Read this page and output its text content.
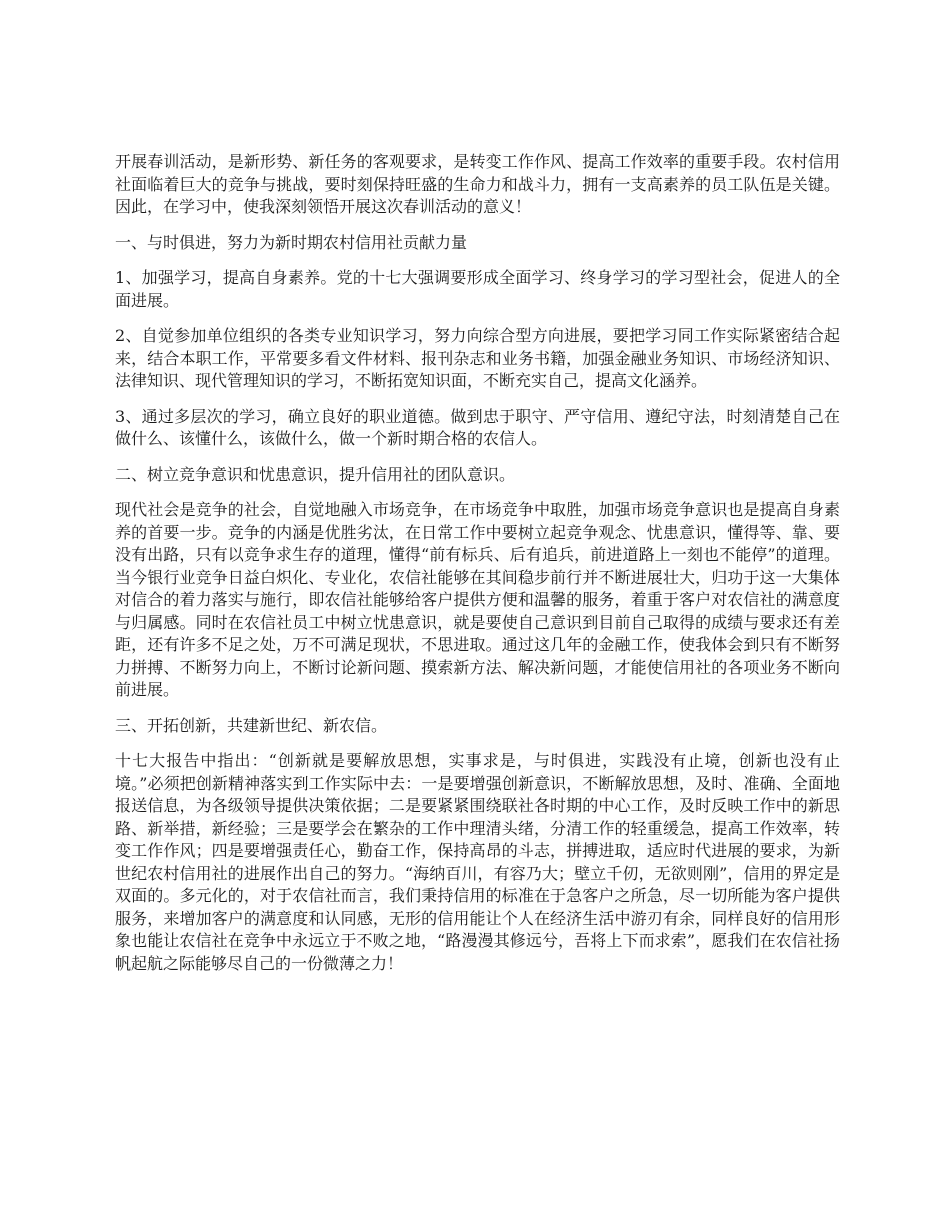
开展春训活动，是新形势、新任务的客观要求，是转变工作作风、提高工作效率的重要手段。农村信用社面临着巨大的竞争与挑战，要时刻保持旺盛的生命力和战斗力，拥有一支高素养的员工队伍是关键。因此，在学习中，使我深刻领悟开展这次春训活动的意义！

一、与时俱进，努力为新时期农村信用社贡献力量

1、加强学习，提高自身素养。党的十七大强调要形成全面学习、终身学习的学习型社会，促进人的全面进展。

2、自觉参加单位组织的各类专业知识学习，努力向综合型方向进展，要把学习同工作实际紧密结合起来，结合本职工作，平常要多看文件材料、报刊杂志和业务书籍，加强金融业务知识、市场经济知识、法律知识、现代管理知识的学习，不断拓宽知识面，不断充实自己，提高文化涵养。

3、通过多层次的学习，确立良好的职业道德。做到忠于职守、严守信用、遵纪守法，时刻清楚自己在做什么、该懂什么，该做什么，做一个新时期合格的农信人。

二、树立竞争意识和忧患意识，提升信用社的团队意识。

现代社会是竞争的社会，自觉地融入市场竞争，在市场竞争中取胜，加强市场竞争意识也是提高自身素养的首要一步。竞争的内涵是优胜劣汰，在日常工作中要树立起竞争观念、忧患意识，懂得等、靠、要没有出路，只有以竞争求生存的道理，懂得“前有标兵、后有追兵，前进道路上一刻也不能停”的道理。当今银行业竞争日益白炽化、专业化，农信社能够在其间稳步前行并不断进展壮大，归功于这一大集体对信合的着力落实与施行，即农信社能够给客户提供方便和温馨的服务，着重于客户对农信社的满意度与归属感。同时在农信社员工中树立忧患意识，就是要使自己意识到目前自己取得的成绩与要求还有差距，还有许多不足之处，万不可满足现状，不思进取。通过这几年的金融工作，使我体会到只有不断努力拼搏、不断努力向上，不断讨论新问题、摸索新方法、解决新问题，才能使信用社的各项业务不断向前进展。

三、开拓创新，共建新世纪、新农信。

十七大报告中指出：“创新就是要解放思想，实事求是，与时俱进，实践没有止境，创新也没有止境。”必须把创新精神落实到工作实际中去：一是要增强创新意识，不断解放思想，及时、准确、全面地报送信息，为各级领导提供决策依据；二是要紧紧围绕联社各时期的中心工作，及时反映工作中的新思路、新举措，新经验；三是要学会在繁杂的工作中理清头绪，分清工作的轻重缓急，提高工作效率，转变工作作风；四是要增强责任心，勤奋工作，保持高昂的斗志，拼搏进取，适应时代进展的要求，为新世纪农村信用社的进展作出自己的努力。“海纳百川，有容乃大；壁立千仞，无欲则刚”，信用的界定是双面的。多元化的，对于农信社而言，我们秉持信用的标准在于急客户之所急，尽一切所能为客户提供服务，来增加客户的满意度和认同感，无形的信用能让个人在经济生活中游刃有余，同样良好的信用形象也能让农信社在竞争中永远立于不败之地，“路漫漫其修远兮，吾将上下而求索”，愿我们在农信社扬帆起航之际能够尽自己的一份微薄之力！
